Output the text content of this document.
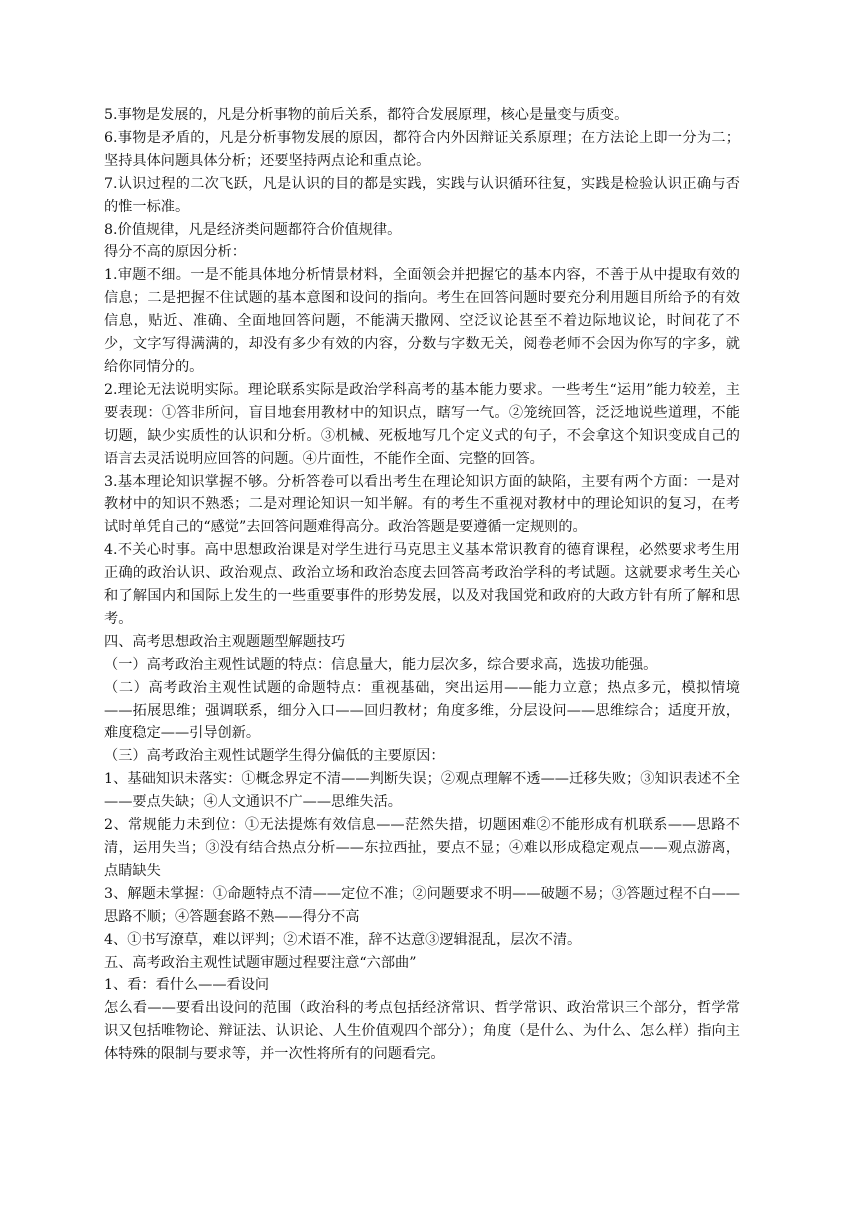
5.事物是发展的，凡是分析事物的前后关系，都符合发展原理，核心是量变与质变。

6.事物是矛盾的，凡是分析事物发展的原因，都符合内外因辩证关系原理；在方法论上即一分为二；坚持具体问题具体分析；还要坚持两点论和重点论。

7.认识过程的二次飞跃，凡是认识的目的都是实践，实践与认识循环往复，实践是检验认识正确与否的惟一标准。

8.价值规律，凡是经济类问题都符合价值规律。

得分不高的原因分析：

1.审题不细。一是不能具体地分析情景材料，全面领会并把握它的基本内容，不善于从中提取有效的信息；二是把握不住试题的基本意图和设问的指向。考生在回答问题时要充分利用题目所给予的有效信息，贴近、准确、全面地回答问题，不能满天撒网、空泛议论甚至不着边际地议论，时间花了不少，文字写得满满的，却没有多少有效的内容，分数与字数无关，阅卷老师不会因为你写的字多，就给你同情分的。

2.理论无法说明实际。理论联系实际是政治学科高考的基本能力要求。一些考生“运用”能力较差，主要表现：①答非所问，盲目地套用教材中的知识点，瞎写一气。②笼统回答，泛泛地说些道理，不能切题，缺少实质性的认识和分析。③机械、死板地写几个定义式的句子，不会拿这个知识变成自己的语言去灵活说明应回答的问题。④片面性，不能作全面、完整的回答。

3.基本理论知识掌握不够。分析答卷可以看出考生在理论知识方面的缺陷，主要有两个方面：一是对教材中的知识不熟悉；二是对理论知识一知半解。有的考生不重视对教材中的理论知识的复习，在考试时单凭自己的“感觉”去回答问题难得高分。政治答题是要遵循一定规则的。

4.不关心时事。高中思想政治课是对学生进行马克思主义基本常识教育的德育课程，必然要求考生用正确的政治认识、政治观点、政治立场和政治态度去回答高考政治学科的考试题。这就要求考生关心和了解国内和国际上发生的一些重要事件的形势发展，以及对我国党和政府的大政方针有所了解和思考。

四、高考思想政治主观题题型解题技巧

（一）高考政治主观性试题的特点：信息量大，能力层次多，综合要求高，选拔功能强。

（二）高考政治主观性试题的命题特点：重视基础，突出运用——能力立意；热点多元，模拟情境——拓展思维；强调联系，细分入口——回归教材；角度多维，分层设问——思维综合；适度开放，难度稳定——引导创新。

（三）高考政治主观性试题学生得分偏低的主要原因：

1、基础知识未落实：①概念界定不清——判断失误；②观点理解不透——迁移失败；③知识表述不全——要点失缺；④人文通识不广——思维失活。

2、常规能力未到位：①无法提炼有效信息——茫然失措，切题困难②不能形成有机联系——思路不清，运用失当；③没有结合热点分析——东拉西扯，要点不显；④难以形成稳定观点——观点游离，点睛缺失

3、解题未掌握：①命题特点不清——定位不准；②问题要求不明——破题不易；③答题过程不白——思路不顺；④答题套路不熟——得分不高

4、①书写潦草，难以评判；②术语不准，辞不达意③逻辑混乱，层次不清。

五、高考政治主观性试题审题过程要注意“六部曲”

1、看：看什么——看设问

怎么看——要看出设问的范围（政治科的考点包括经济常识、哲学常识、政治常识三个部分，哲学常识又包括唯物论、辩证法、认识论、人生价值观四个部分）；角度（是什么、为什么、怎么样）指向主体特殊的限制与要求等，并一次性将所有的问题看完。
